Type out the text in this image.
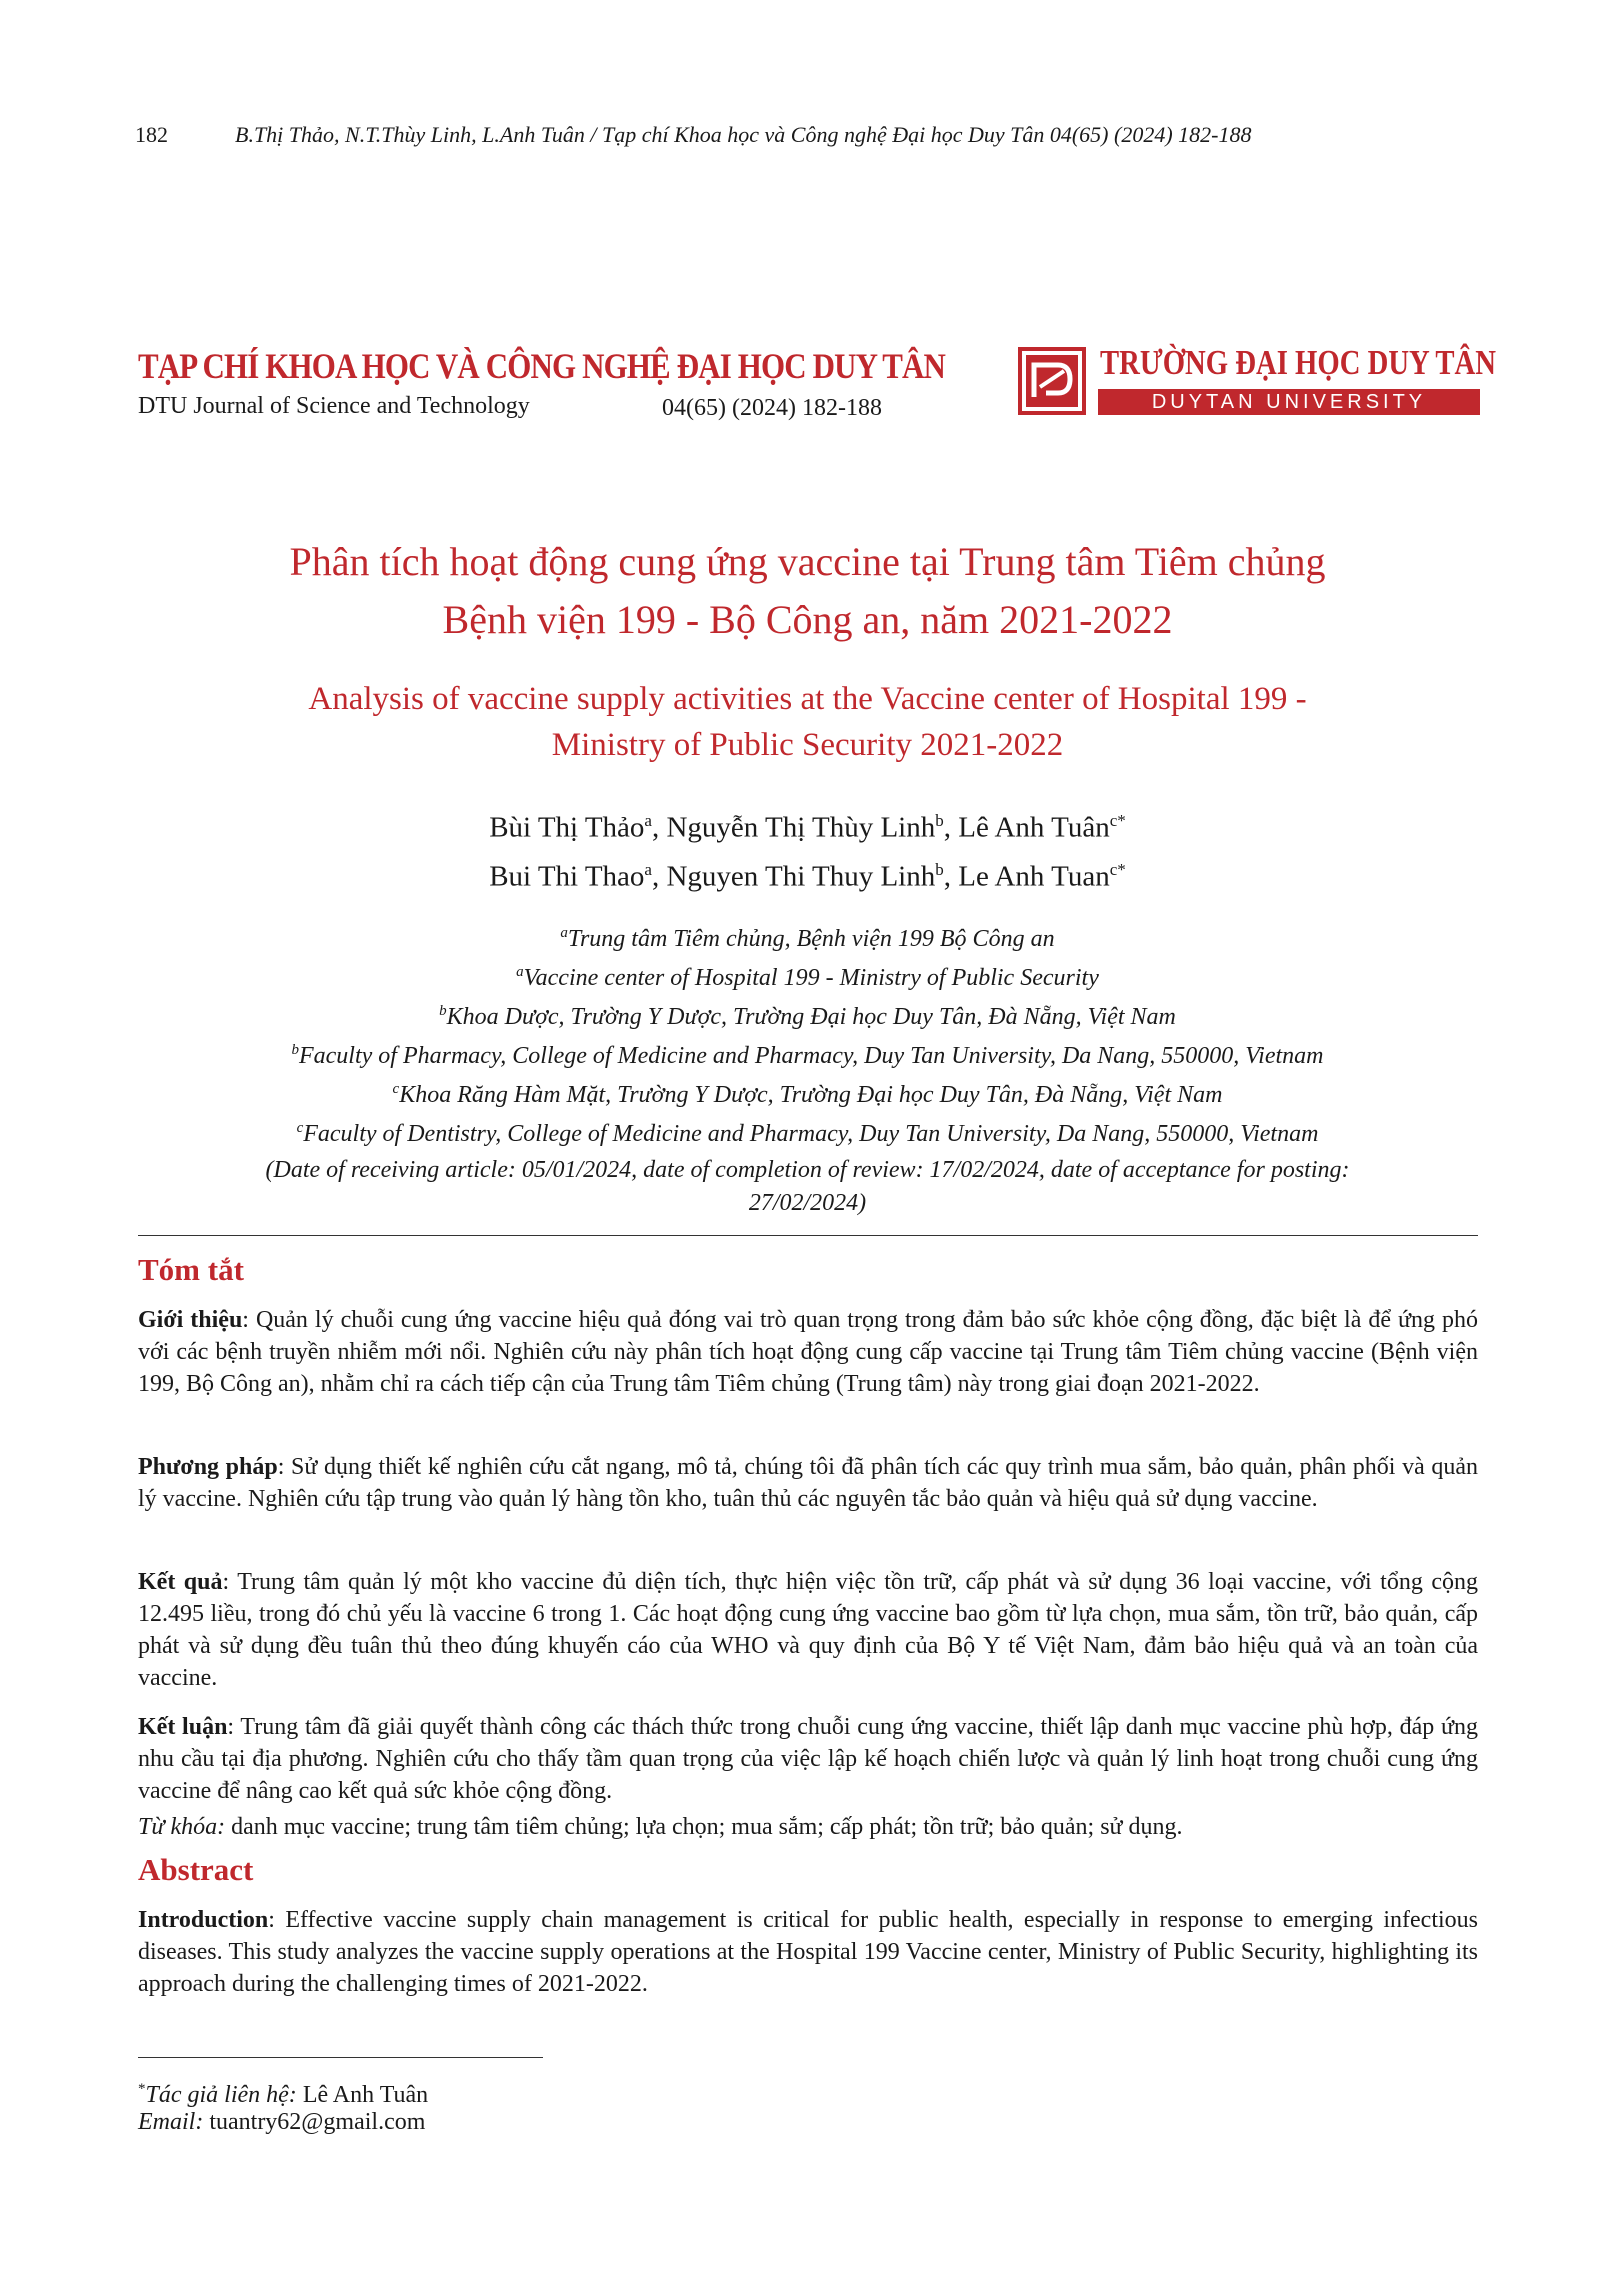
182	B.Thị Thảo, N.T.Thùy Linh, L.Anh Tuân / Tạp chí Khoa học và Công nghệ Đại học Duy Tân 04(65) (2024) 182-188
TẠP CHÍ KHOA HỌC VÀ CÔNG NGHỆ ĐẠI HỌC DUY TÂN
DTU Journal of Science and Technology	04(65) (2024) 182-188
TRƯỜNG ĐẠI HỌC DUY TÂN
DUYTAN UNIVERSITY
Phân tích hoạt động cung ứng vaccine tại Trung tâm Tiêm chủng
Bệnh viện 199 - Bộ Công an, năm 2021-2022
Analysis of vaccine supply activities at the Vaccine center of Hospital 199 -
Ministry of Public Security 2021-2022
Bùi Thị Thảo$^a$, Nguyễn Thị Thùy Linh$^b$, Lê Anh Tuân$^{c*}$
Bui Thi Thao$^a$, Nguyen Thi Thuy Linh$^b$, Le Anh Tuan$^{c*}$
$^a$Trung tâm Tiêm chủng, Bệnh viện 199 Bộ Công an
$^a$Vaccine center of Hospital 199 - Ministry of Public Security
$^b$Khoa Dược, Trường Y Dược, Trường Đại học Duy Tân, Đà Nẵng, Việt Nam
$^b$Faculty of Pharmacy, College of Medicine and Pharmacy, Duy Tan University, Da Nang, 550000, Vietnam
$^c$Khoa Răng Hàm Mặt, Trường Y Dược, Trường Đại học Duy Tân, Đà Nẵng, Việt Nam
$^c$Faculty of Dentistry, College of Medicine and Pharmacy, Duy Tan University, Da Nang, 550000, Vietnam
(Date of receiving article: 05/01/2024, date of completion of review: 17/02/2024, date of acceptance for posting:
27/02/2024)
Tóm tắt
Giới thiệu: Quản lý chuỗi cung ứng vaccine hiệu quả đóng vai trò quan trọng trong đảm bảo sức khỏe cộng đồng, đặc biệt là để ứng phó với các bệnh truyền nhiễm mới nổi. Nghiên cứu này phân tích hoạt động cung cấp vaccine tại Trung tâm Tiêm chủng vaccine (Bệnh viện 199, Bộ Công an), nhằm chỉ ra cách tiếp cận của Trung tâm Tiêm chủng (Trung tâm) này trong giai đoạn 2021-2022.
Phương pháp: Sử dụng thiết kế nghiên cứu cắt ngang, mô tả, chúng tôi đã phân tích các quy trình mua sắm, bảo quản, phân phối và quản lý vaccine. Nghiên cứu tập trung vào quản lý hàng tồn kho, tuân thủ các nguyên tắc bảo quản và hiệu quả sử dụng vaccine.
Kết quả: Trung tâm quản lý một kho vaccine đủ diện tích, thực hiện việc tồn trữ, cấp phát và sử dụng 36 loại vaccine, với tổng cộng 12.495 liều, trong đó chủ yếu là vaccine 6 trong 1. Các hoạt động cung ứng vaccine bao gồm từ lựa chọn, mua sắm, tồn trữ, bảo quản, cấp phát và sử dụng đều tuân thủ theo đúng khuyến cáo của WHO và quy định của Bộ Y tế Việt Nam, đảm bảo hiệu quả và an toàn của vaccine.
Kết luận: Trung tâm đã giải quyết thành công các thách thức trong chuỗi cung ứng vaccine, thiết lập danh mục vaccine phù hợp, đáp ứng nhu cầu tại địa phương. Nghiên cứu cho thấy tầm quan trọng của việc lập kế hoạch chiến lược và quản lý linh hoạt trong chuỗi cung ứng vaccine để nâng cao kết quả sức khỏe cộng đồng.
Từ khóa: danh mục vaccine; trung tâm tiêm chủng; lựa chọn; mua sắm; cấp phát; tồn trữ; bảo quản; sử dụng.
Abstract
Introduction: Effective vaccine supply chain management is critical for public health, especially in response to emerging infectious diseases. This study analyzes the vaccine supply operations at the Hospital 199 Vaccine center, Ministry of Public Security, highlighting its approach during the challenging times of 2021-2022.
*Tác giả liên hệ: Lê Anh Tuân
Email: tuantry62@gmail.com
